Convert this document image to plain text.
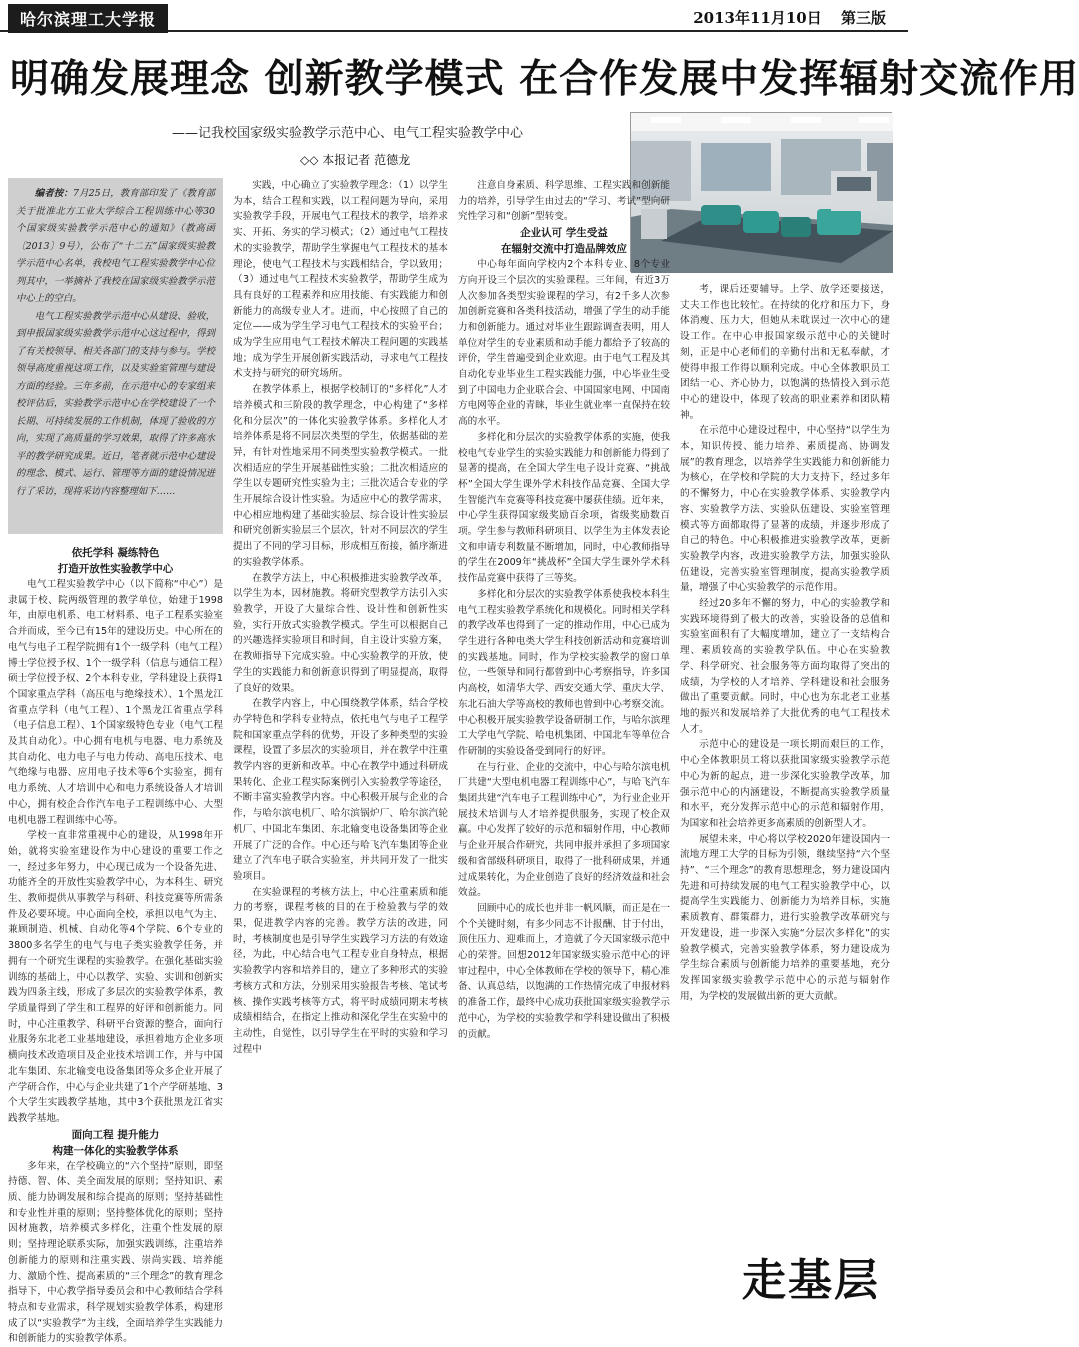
哈尔滨理工大学报	2013年11月10日 第三版
明确发展理念 创新教学模式 在合作发展中发挥辐射交流作用
——记我校国家级实验教学示范中心、电气工程实验教学中心
◇◇ 本报记者 范德龙

编者按：7月25日，教育部印发了《教育部关于批准北方工业大学综合工程训练中心等30个国家级实验教学示范中心的通知》（教高函〔2013〕9号），公布了“十二五”国家级实验教学示范中心名单，我校电气工程实验教学中心位列其中，一举摘补了我校在国家级实验教学示范中心上的空白。

电气工程实验教学示范中心从建设、验收，到申报国家级实验教学示范中心这过程中，得到了有关校领导、相关各部门的支持与参与。学校领导高度重视这项工作，以及实验室管理与建设方面的经验。三年多前，在示范中心的专家组来校评估后，实验教学示范中心在学校建设了一个长期、可持续发展的工作机制，体现了验收的方向，实现了高质量的学习效果，取得了许多高水平的教学研究成果。近日，笔者就示范中心建设的理念、模式、运行、管理等方面的建设情况进行了采访，现将采访内容整理如下……

依托学科 凝练特色
打造开放性实验教学中心

电气工程实验教学中心（以下简称“中心”）是隶属于校、院两级管理的教学单位，始建于1998年，由原电机系、电工材料系、电子工程系实验室合并而成，至今已有15年的建设历史。中心所在的电气与电子工程学院拥有1个一级学科（电气工程）博士学位授予权、1个一级学科（信息与通信工程）硕士学位授予权、2个本科专业，学科建设上获得1个国家重点学科（高压电与绝缘技术）、1个黑龙江省重点学科（电气工程）、1个黑龙江省重点学科（电子信息工程）、1个国家级特色专业（电气工程及其自动化）。中心拥有电机与电器、电力系统及其自动化、电力电子与电力传动、高电压技术、电气绝缘与电器、应用电子技术等6个实验室，拥有电力系统、人才培训中心和电力系统设备人才培训中心，拥有校企合作汽车电子工程训练中心、大型电机电器工程训练中心等。

学校一直非常重视中心的建设，从1998年开始，就将实验室建设作为中心建设的重要工作之一，经过多年努力，中心现已成为一个设备先进、功能齐全的开放性实验教学中心，为本科生、研究生、教师提供从事教学与科研、科技竞赛等所需条件及必要环境。中心面向全校，承担以电气为主、兼顾制造、机械、自动化等4个学院、6个专业的3800多名学生的电气与电子类实验教学任务，并拥有一个研究生课程的实验教学。在强化基础实验训练的基础上，中心以教学、实验、实训和创新实践为四条主线，形成了多层次的实验教学体系，教学质量得到了学生和工程界的好评和创新能力。同时，中心注重教学、科研平台资源的整合，面向行业服务东北老工业基地建设，承担着地方企业多项横向技术改造项目及企业技术培训工作，并与中国北车集团、东北输变电设备集团等众多企业开展了产学研合作，中心与企业共建了1个产学研基地、3个大学生实践教学基地，其中3个获批黑龙江省实践教学基地。

面向工程 提升能力
构建一体化的实验教学体系

多年来，在学校确立的“六个坚持”原则，即坚持德、智、体、美全面发展的原则；坚持知识、素质、能力协调发展和综合提高的原则；坚持基础性和专业性并重的原则；坚持整体优化的原则；坚持因材施教，培养模式多样化，注重个性发展的原则；坚持理论联系实际，加强实践训练，注重培养创新能力的原则和注重实践、崇尚实践、培养能力、激励个性、提高素质的“三个理念”的教育理念指导下，中心教学指导委员会和中心教师结合学科特点和专业需求，科学规划实验教学体系，构建形成了以“实验教学”为主线，全面培养学生实践能力和创新能力的实验教学体系。

实践，中心确立了实验教学理念：（1）以学生为本，结合工程和实践，以工程问题为导向，采用实验教学手段，开展电气工程技术的教学，培养求实、开拓、务实的学习模式；（2）通过电气工程技术的实验教学，帮助学生掌握电气工程技术的基本理论，使电气工程技术与实践相结合，学以致用；（3）通过电气工程技术实验教学，帮助学生成为具有良好的工程素养和应用技能、有实践能力和创新能力的高级专业人才。进而，中心按照了自己的定位——成为学生学习电气工程技术的实验平台；成为学生应用电气工程技术解决工程问题的实践基地；成为学生开展创新实践活动，寻求电气工程技术支持与研究的研究场所。

在教学体系上，根据学校制订的“多样化”人才培养模式和三阶段的教学理念，中心构建了“多样化和分层次”的一体化实验教学体系。多样化人才培养体系是将不同层次类型的学生，依据基础的差异，有针对性地采用不同类型实验教学模式。一批次相适应的学生开展基础性实验；二批次相适应的学生以专题研究性实验为主；三批次适合专业的学生开展综合设计性实验。为适应中心的教学需求，中心相应地构建了基础实验层、综合设计性实验层和研究创新实验层三个层次，针对不同层次的学生提出了不同的学习目标，形成相互衔接，循序渐进的实验教学体系。

在教学方法上，中心积极推进实验教学改革，以学生为本，因材施教。将研究型教学方法引入实验教学，开设了大量综合性、设计性和创新性实验，实行开放式实验教学模式。学生可以根据自己的兴趣选择实验项目和时间，自主设计实验方案，在教师指导下完成实验。中心实验教学的开放，使学生的实践能力和创新意识得到了明显提高，取得了良好的效果。

在教学内容上，中心围绕教学体系，结合学校办学特色和学科专业特点，依托电气与电子工程学院和国家重点学科的优势，开设了多种类型的实验课程，设置了多层次的实验项目，并在教学中注重教学内容的更新和改革。中心在教学中通过科研成果转化、企业工程实际案例引入实验教学等途径，不断丰富实验教学内容。中心积极开展与企业的合作，与哈尔滨电机厂、哈尔滨锅炉厂、哈尔滨汽轮机厂、中国北车集团、东北输变电设备集团等企业开展了广泛的合作。中心还与哈飞汽车集团等企业建立了汽车电子联合实验室，并共同开发了一批实验项目。

在实验课程的考核方法上，中心注重素质和能力的考察，课程考核的目的在于检验教与学的效果，促进教学内容的完善。教学方法的改进，同时，考核制度也是引导学生实践学习方法的有效途径，为此，中心结合电气工程专业自身特点，根据实验教学内容和培养目的，建立了多种形式的实验考核方式和方法，分别采用实验报告考核、笔试考核、操作实践考核等方式，将平时成绩同期末考核成绩相结合，在指定上推动和深化学生在实验中的主动性，自觉性，以引导学生在平时的实验和学习过程中

注意自身素质、科学思维、工程实践和创新能力的培养，引导学生由过去的“学习、考试”型向研究性学习和“创新”型转变。

企业认可 学生受益
在辐射交流中打造品牌效应

中心每年面向学校内2个本科专业、8个专业方向开设三个层次的实验课程。三年间，有近3万人次参加各类型实验课程的学习，有2千多人次参加创新竞赛和各类科技活动，增强了学生的动手能力和创新能力。通过对毕业生跟踪调查表明，用人单位对学生的专业素质和动手能力都给予了较高的评价，学生普遍受到企业欢迎。由于电气工程及其自动化专业毕业生工程实践能力强，中心毕业生受到了中国电力企业联合会、中国国家电网、中国南方电网等企业的青睐，毕业生就业率一直保持在较高的水平。

多样化和分层次的实验教学体系的实施，使我校电气专业学生的实验实践能力和创新能力得到了显著的提高，在全国大学生电子设计竞赛、“挑战杯”全国大学生课外学术科技作品竞赛、全国大学生智能汽车竞赛等科技竞赛中屡获佳绩。近年来，中心学生获得国家级奖励百余项，省级奖励数百项。学生参与教师科研项目、以学生为主体发表论文和申请专利数量不断增加，同时，中心教师指导的学生在2009年“挑战杯”全国大学生课外学术科技作品竞赛中获得了三等奖。

多样化和分层次的实验教学体系使我校本科生电气工程实验教学系统化和规模化。同时相关学科的教学改革也得到了一定的推动作用，中心已成为学生进行各种电类大学生科技创新活动和竞赛培训的实践基地。同时，作为学校实验教学的窗口单位，一些领导和同行都曾到中心考察指导，许多国内高校，如清华大学、西安交通大学、重庆大学、东北石油大学等高校的教师也曾到中心考察交流。中心积极开展实验教学设备研制工作，与哈尔滨理工大学电气学院、哈电机集团、中国北车等单位合作研制的实验设备受到同行的好评。

在与行业、企业的交流中，中心与哈尔滨电机厂共建“大型电机电器工程训练中心”，与哈飞汽车集团共建“汽车电子工程训练中心”，为行业企业开展技术培训与人才培养提供服务，实现了校企双赢。中心发挥了较好的示范和辐射作用，中心教师与企业开展合作研究，共同申报并承担了多项国家级和省部级科研项目，取得了一批科研成果，并通过成果转化，为企业创造了良好的经济效益和社会效益。

回顾中心的成长也并非一帆风顺，而正是在一个个关键时刻，有多少同志不计报酬、甘于付出，顶住压力、迎难而上，才造就了今天国家级示范中心的荣誉。回想2012年国家级实验示范中心的评审过程中，中心全体教师在学校的领导下，精心准备、认真总结，以饱满的工作热情完成了申报材料的准备工作，最终中心成功获批国家级实验教学示范中心，为学校的实验教学和学科建设做出了积极的贡献。

考，课后还要辅导。上学、放学还要接送，丈夫工作也比较忙。在持续的化疗和压力下，身体消瘦、压力大，但她从未耽误过一次中心的建设工作。在中心申报国家级示范中心的关键时刻，正是中心老师们的辛勤付出和无私奉献，才使得申报工作得以顺利完成。中心全体教职员工团结一心、齐心协力，以饱满的热情投入到示范中心的建设中，体现了较高的职业素养和团队精神。

在示范中心建设过程中，中心坚持“以学生为本，知识传授、能力培养、素质提高、协调发展”的教育理念，以培养学生实践能力和创新能力为核心，在学校和学院的大力支持下，经过多年的不懈努力，中心在实验教学体系、实验教学内容、实验教学方法、实验队伍建设、实验室管理模式等方面都取得了显著的成绩，并逐步形成了自己的特色。中心积极推进实验教学改革，更新实验教学内容，改进实验教学方法，加强实验队伍建设，完善实验室管理制度，提高实验教学质量，增强了中心实验教学的示范作用。

经过20多年不懈的努力，中心的实验教学和实践环境得到了极大的改善，实验设备的总值和实验室面积有了大幅度增加，建立了一支结构合理、素质较高的实验教学队伍。中心在实验教学、科学研究、社会服务等方面均取得了突出的成绩，为学校的人才培养、学科建设和社会服务做出了重要贡献。同时，中心也为东北老工业基地的振兴和发展培养了大批优秀的电气工程技术人才。

示范中心的建设是一项长期而艰巨的工作，中心全体教职员工将以获批国家级实验教学示范中心为新的起点，进一步深化实验教学改革，加强示范中心的内涵建设，不断提高实验教学质量和水平，充分发挥示范中心的示范和辐射作用，为国家和社会培养更多高素质的创新型人才。

展望未来，中心将以学校2020年建设国内一流地方理工大学的目标为引领，继续坚持“六个坚持”、“三个理念”的教育思想理念，努力建设国内先进和可持续发展的电气工程实验教学中心，以提高学生实践能力、创新能力为培养目标，实施素质教育、群策群力，进行实验教学改革研究与开发建设，进一步深入实施“分层次多样化”的实验教学模式，完善实验教学体系，努力建设成为学生综合素质与创新能力培养的重要基地，充分发挥国家级实验教学示范中心的示范与辐射作用，为学校的发展做出新的更大贡献。

走基层
